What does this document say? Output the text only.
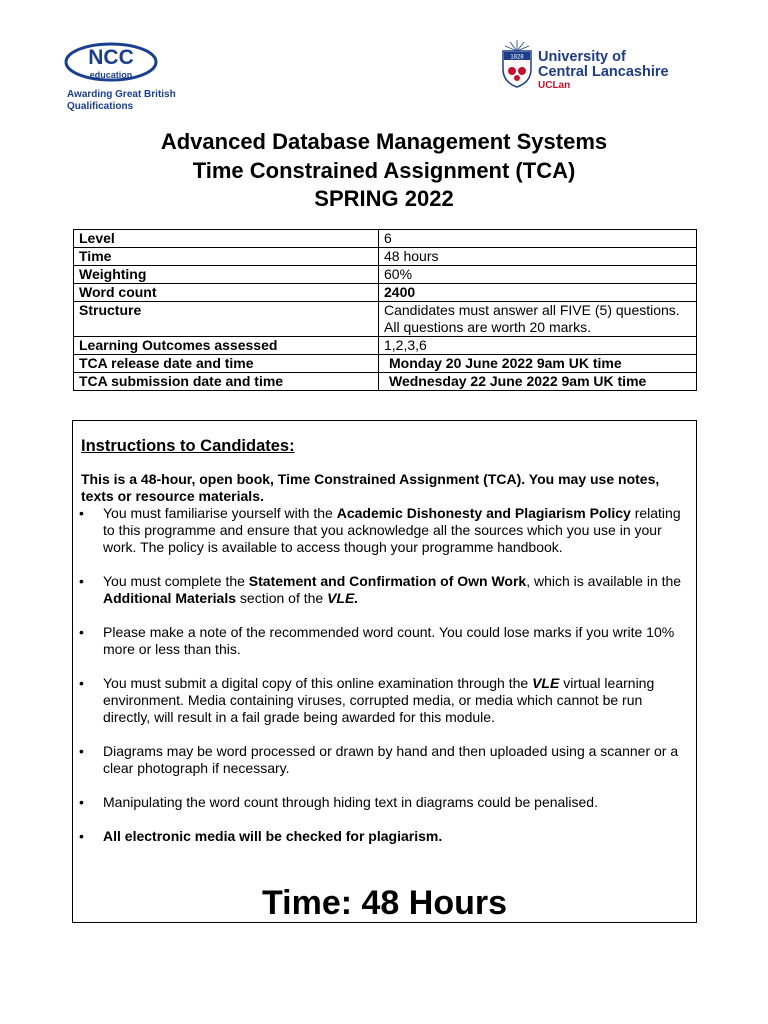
NCC
education
Awarding Great British
Qualifications
1828 University of
Central Lancashire
UCLan
Advanced Database Management Systems
Time Constrained Assignment (TCA)
SPRING 2022
Level	6
Time	48 hours
Weighting	60%
Word count	2400
Structure	Candidates must answer all FIVE (5) questions. All questions are worth 20 marks.
Learning Outcomes assessed	1,2,3,6
TCA release date and time	Monday 20 June 2022 9am UK time
TCA submission date and time	Wednesday 22 June 2022 9am UK time
Instructions to Candidates:
This is a 48-hour, open book, Time Constrained Assignment (TCA). You may use notes, texts or resource materials.
• You must familiarise yourself with the Academic Dishonesty and Plagiarism Policy relating to this programme and ensure that you acknowledge all the sources which you use in your work. The policy is available to access though your programme handbook.
• You must complete the Statement and Confirmation of Own Work, which is available in the Additional Materials section of the VLE.
• Please make a note of the recommended word count. You could lose marks if you write 10% more or less than this.
• You must submit a digital copy of this online examination through the VLE virtual learning environment. Media containing viruses, corrupted media, or media which cannot be run directly, will result in a fail grade being awarded for this module.
• Diagrams may be word processed or drawn by hand and then uploaded using a scanner or a clear photograph if necessary.
• Manipulating the word count through hiding text in diagrams could be penalised.
• All electronic media will be checked for plagiarism.
Time: 48 Hours
